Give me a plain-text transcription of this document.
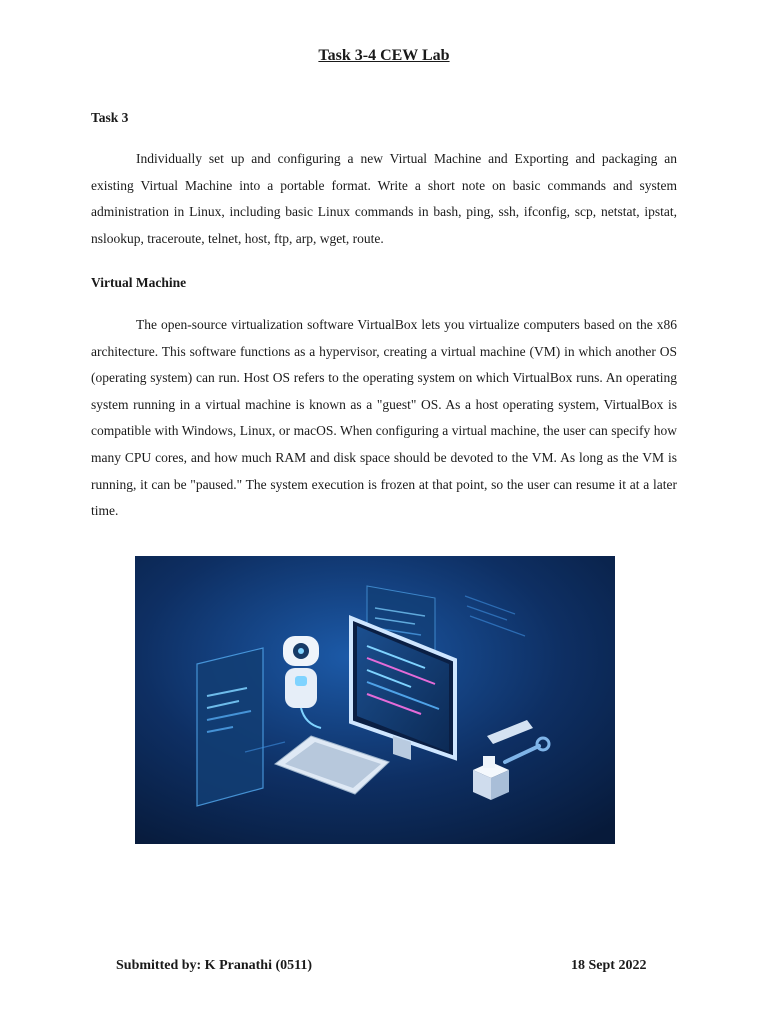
Task 3-4 CEW Lab
Task 3

Individually set up and configuring a new Virtual Machine and Exporting and packaging an existing Virtual Machine into a portable format. Write a short note on basic commands and system administration in Linux, including basic Linux commands in bash, ping, ssh, ifconfig, scp, netstat, ipstat, nslookup, traceroute, telnet, host, ftp, arp, wget, route.

Virtual Machine

The open-source virtualization software VirtualBox lets you virtualize computers based on the x86 architecture. This software functions as a hypervisor, creating a virtual machine (VM) in which another OS (operating system) can run. Host OS refers to the operating system on which VirtualBox runs. An operating system running in a virtual machine is known as a "guest" OS. As a host operating system, VirtualBox is compatible with Windows, Linux, or macOS. When configuring a virtual machine, the user can specify how many CPU cores, and how much RAM and disk space should be devoted to the VM. As long as the VM is running, it can be "paused." The system execution is frozen at that point, so the user can resume it at a later time.

Submitted by: K Pranathi (0511)	18 Sept 2022
